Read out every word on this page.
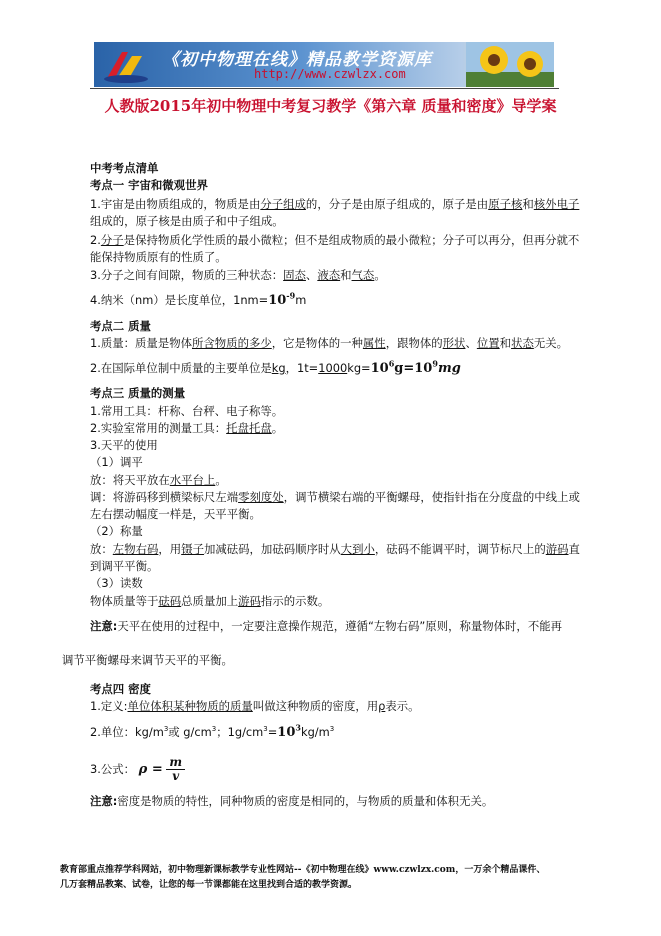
《初中物理在线》精品教学资源库
http://www.czwlzx.com
人教版2015年初中物理中考复习教学《第六章 质量和密度》导学案
中考考点清单
考点一 宇宙和微观世界
1.宇宙是由物质组成的，物质是由分子组成的，分子是由原子组成的，原子是由原子核和核外电子
组成的，原子核是由质子和中子组成。
2.分子是保持物质化学性质的最小微粒；但不是组成物质的最小微粒；分子可以再分，但再分就不能保持物质原有的性质了。
3.分子之间有间隙，物质的三种状态：固态、液态和气态。
4.纳米（nm）是长度单位，$1nm=10^{-9}m$
考点二 质量
1.质量：质量是物体所含物质的多少，它是物体的一种属性，跟物体的形状、位置和状态无关。
2.在国际单位制中质量的主要单位是kg，$1t=1000kg=10^6g=10^9mg$
考点三 质量的测量
1.常用工具：杆称、台秤、电子称等。
2.实验室常用的测量工具：托盘托盘。
3.天平的使用
（1）调平
放：将天平放在水平台上。
调：将游码移到横梁标尺左端零刻度处，调节横梁右端的平衡螺母，使指针指在分度盘的中线上或
左右摆动幅度一样是，天平平衡。
（2）称量
放：左物右码，用镊子加减砝码，加砝码顺序时从大到小，砝码不能调平时，调节标尺上的游码直
到调平平衡。
（3）读数
物体质量等于砝码总质量加上游码指示的示数。
注意:天平在使用的过程中，一定要注意操作规范，遵循“左物右码”原则，称量物体时，不能再
调节平衡螺母来调节天平的平衡。
考点四 密度
1.定义:单位体积某种物质的质量叫做这种物质的密度，用ρ表示。
2.单位：$kg/m^3$或 $g/cm^3$；$1g/cm^3=10^3kg/m^3$
3.公式： $\rho = \frac{m}{v}$
注意:密度是物质的特性，同种物质的密度是相同的，与物质的质量和体积无关。
教育部重点推荐学科网站，初中物理新课标教学专业性网站--《初中物理在线》www.czwlzx.com，一万余个精品课件、
几万套精品教案、试卷，让您的每一节课都能在这里找到合适的教学资源。
